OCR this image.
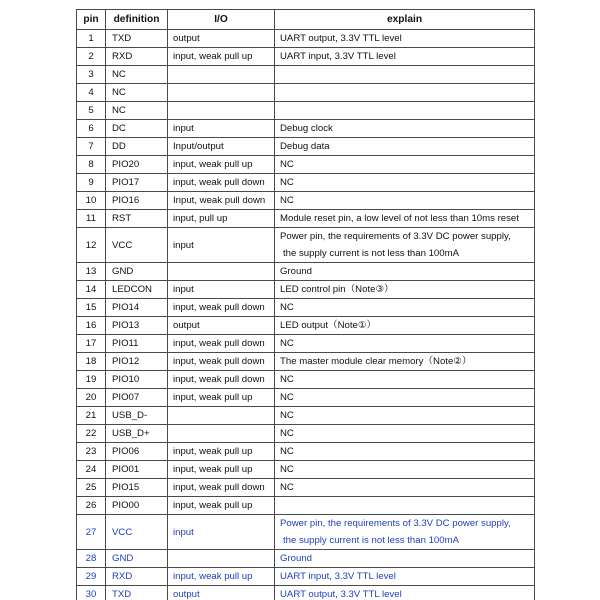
pin	definition	I/O	explain
1	TXD	output	UART output, 3.3V TTL level

2	RXD	input, weak pull up	UART input, 3.3V TTL level

3	NC		

4	NC		

5	NC		

6	DC	input	Debug clock

7	DD	Input/output	Debug data

8	PIO20	input, weak pull up	NC

9	PIO17	input, weak pull down	NC

10	PIO16	Input, weak pull down	NC

11	RST	input, pull up	Module reset pin, a low level of not less than 10ms reset

12	VCC	input	Power pin, the requirements of 3.3V DC power supply,
the supply current is not less than 100mA

13	GND		Ground

14	LEDCON	input	LED control pin（Note③）

15	PIO14	input, weak pull down	NC

16	PIO13	output	LED output（Note①）

17	PIO11	input, weak pull down	NC

18	PIO12	input, weak pull down	The master module clear memory（Note②）

19	PIO10	input, weak pull down	NC

20	PIO07	input, weak pull up	NC

21	USB_D-		NC

22	USB_D+		NC

23	PIO06	input, weak pull up	NC

24	PIO01	input, weak pull up	NC

25	PIO15	input, weak pull down	NC

26	PIO00	input, weak pull up	

27	VCC	input	Power pin, the requirements of 3.3V DC power supply,
the supply current is not less than 100mA

28	GND		Ground

29	RXD	input, weak pull up	UART input, 3.3V TTL level

30	TXD	output	UART output, 3.3V TTL level
